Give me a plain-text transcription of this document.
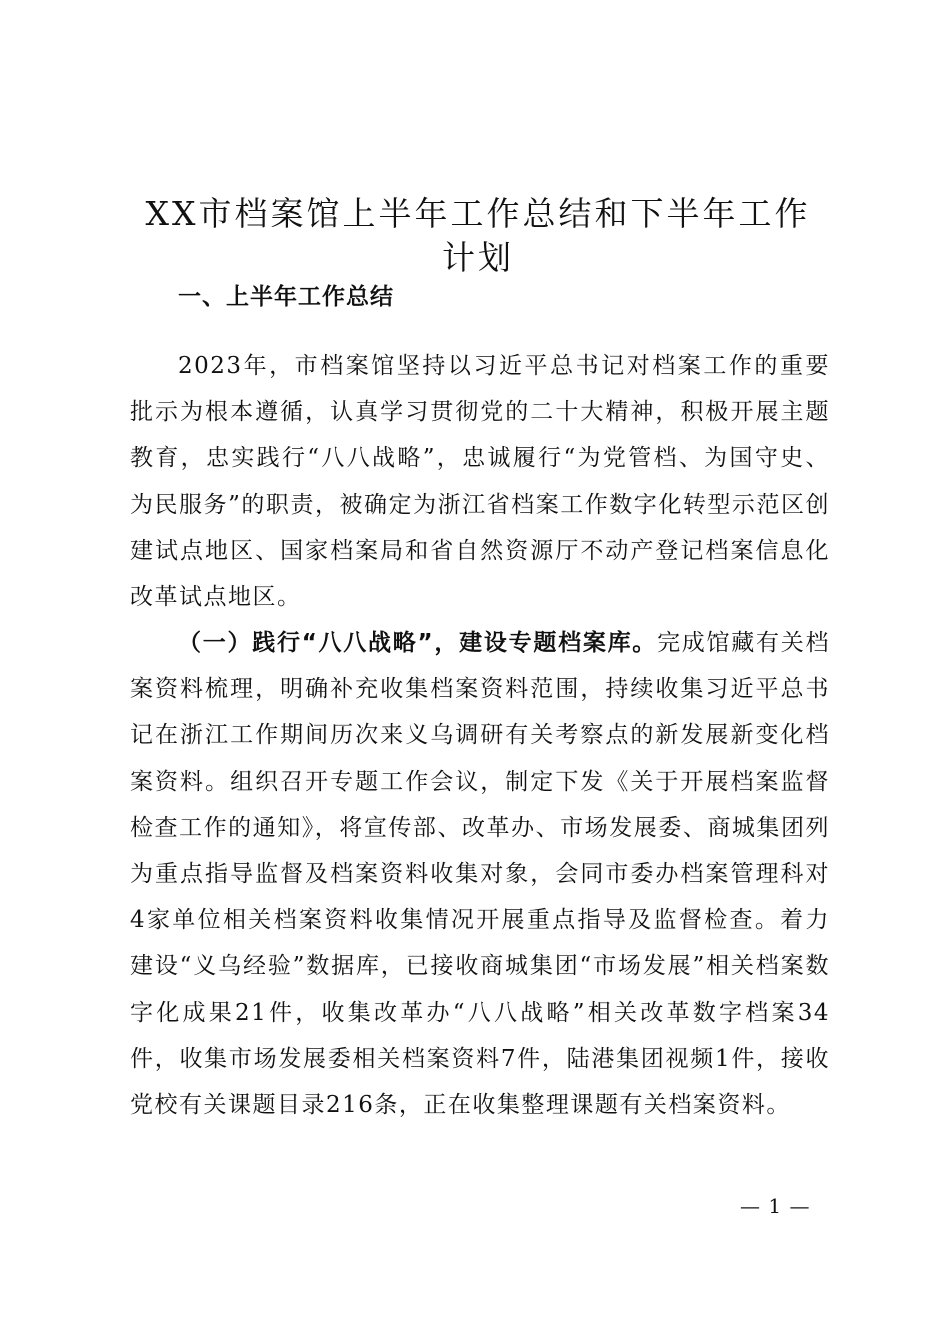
XX市档案馆上半年工作总结和下半年工作计划
一、上半年工作总结

2023年，市档案馆坚持以习近平总书记对档案工作的重要批示为根本遵循，认真学习贯彻党的二十大精神，积极开展主题教育，忠实践行“八八战略”，忠诚履行“为党管档、为国守史、为民服务”的职责，被确定为浙江省档案工作数字化转型示范区创建试点地区、国家档案局和省自然资源厅不动产登记档案信息化改革试点地区。

（一）践行“八八战略”，建设专题档案库。完成馆藏有关档案资料梳理，明确补充收集档案资料范围，持续收集习近平总书记在浙江工作期间历次来义乌调研有关考察点的新发展新变化档案资料。组织召开专题工作会议，制定下发《关于开展档案监督检查工作的通知》，将宣传部、改革办、市场发展委、商城集团列为重点指导监督及档案资料收集对象，会同市委办档案管理科对4家单位相关档案资料收集情况开展重点指导及监督检查。着力建设“义乌经验”数据库，已接收商城集团“市场发展”相关档案数字化成果21件，收集改革办“八八战略”相关改革数字档案34件，收集市场发展委相关档案资料7件，陆港集团视频1件，接收党校有关课题目录216条，正在收集整理课题有关档案资料。

— 1 —
